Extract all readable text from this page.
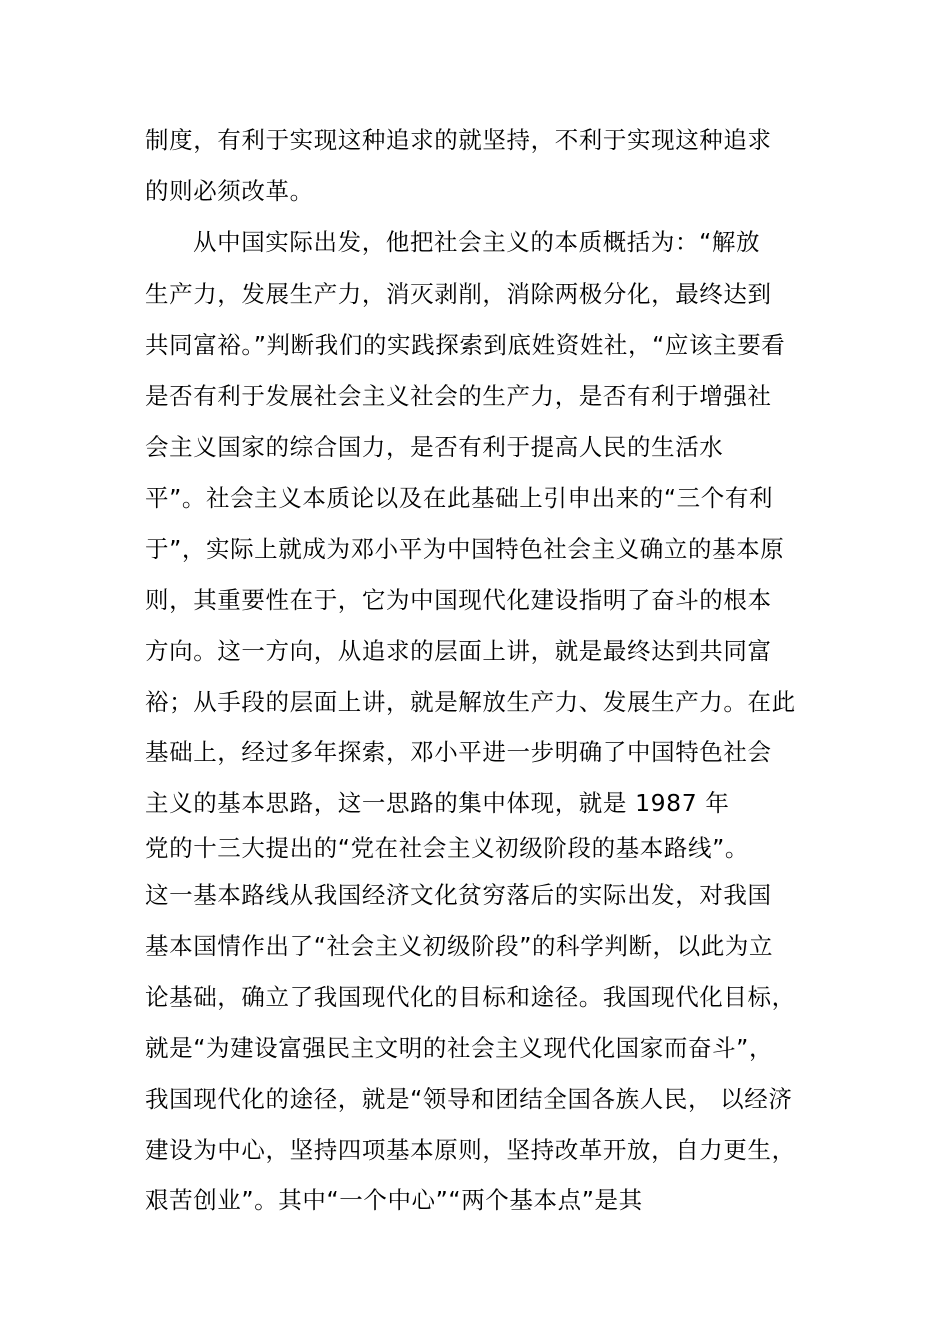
制度，有利于实现这种追求的就坚持，不利于实现这种追求
的则必须改革。
从中国实际出发，他把社会主义的本质概括为：“解放
生产力，发展生产力，消灭剥削，消除两极分化，最终达到
共同富裕。”判断我们的实践探索到底姓资姓社，“应该主要看
是否有利于发展社会主义社会的生产力，是否有利于增强社
会主义国家的综合国力，是否有利于提高人民的生活水
平”。社会主义本质论以及在此基础上引申出来的“三个有利
于”，实际上就成为邓小平为中国特色社会主义确立的基本原
则，其重要性在于，它为中国现代化建设指明了奋斗的根本
方向。这一方向，从追求的层面上讲，就是最终达到共同富
裕；从手段的层面上讲，就是解放生产力、发展生产力。在此
基础上，经过多年探索，邓小平进一步明确了中国特色社会
主义的基本思路，这一思路的集中体现，就是 1987 年
党的十三大提出的“党在社会主义初级阶段的基本路线”。
这一基本路线从我国经济文化贫穷落后的实际出发，对我国
基本国情作出了“社会主义初级阶段”的科学判断，以此为立
论基础，确立了我国现代化的目标和途径。我国现代化目标，
就是“为建设富强民主文明的社会主义现代化国家而奋斗”，
我国现代化的途径，就是“领导和团结全国各族人民， 以经济
建设为中心，坚持四项基本原则，坚持改革开放，自力更生，
艰苦创业”。其中“一个中心”“两个基本点”是其
